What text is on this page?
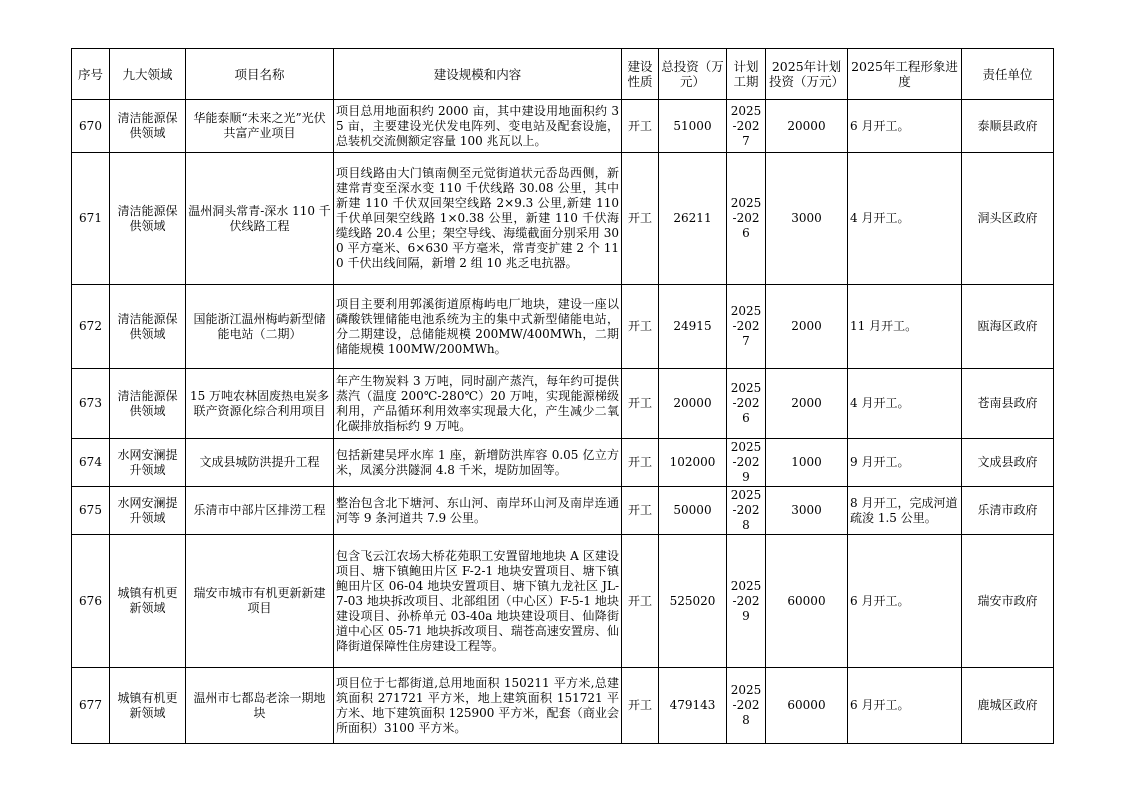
序号	九大领域	项目名称	建设规模和内容	建设性质	总投资（万元）	计划工期	2025年计划投资（万元）	2025年工程形象进度	责任单位
670	清洁能源保供领域	华能泰顺“未来之光”光伏共富产业项目	项目总用地面积约 2000 亩，其中建设用地面积约 35 亩，主要建设光伏发电阵列、变电站及配套设施，总装机交流侧额定容量 100 兆瓦以上。	开工	51000	2025-2027	20000	6 月开工。	泰顺县政府
671	清洁能源保供领域	温州洞头常青-深水 110 千伏线路工程	项目线路由大门镇南侧至元觉街道状元岙岛西侧，新建常青变至深水变 110 千伏线路 30.08 公里，其中新建 110 千伏双回架空线路 2×9.3 公里,新建 110 千伏单回架空线路 1×0.38 公里，新建 110 千伏海缆线路 20.4 公里；架空导线、海缆截面分别采用 300 平方毫米、6×630 平方毫米，常青变扩建 2 个 110 千伏出线间隔，新增 2 组 10 兆乏电抗器。	开工	26211	2025-2026	3000	4 月开工。	洞头区政府
672	清洁能源保供领域	国能浙江温州梅屿新型储能电站（二期）	项目主要利用郭溪街道原梅屿电厂地块，建设一座以磷酸铁锂储能电池系统为主的集中式新型储能电站，分二期建设，总储能规模 200MW/400MWh，二期储能规模 100MW/200MWh。	开工	24915	2025-2027	2000	11 月开工。	瓯海区政府
673	清洁能源保供领域	15 万吨农林固废热电炭多联产资源化综合利用项目	年产生物炭料 3 万吨，同时副产蒸汽，每年约可提供蒸汽（温度 200℃-280℃）20 万吨，实现能源梯级利用，产品循环利用效率实现最大化，产生减少二氧化碳排放指标约 9 万吨。	开工	20000	2025-2026	2000	4 月开工。	苍南县政府
674	水网安澜提升领域	文成县城防洪提升工程	包括新建吴坪水库 1 座，新增防洪库容 0.05 亿立方米，凤溪分洪隧洞 4.8 千米，堤防加固等。	开工	102000	2025-2029	1000	9 月开工。	文成县政府
675	水网安澜提升领域	乐清市中部片区排涝工程	整治包含北下塘河、东山河、南岸环山河及南岸连通河等 9 条河道共 7.9 公里。	开工	50000	2025-2028	3000	8 月开工，完成河道疏浚 1.5 公里。	乐清市政府
676	城镇有机更新领域	瑞安市城市有机更新新建项目	包含飞云江农场大桥花苑职工安置留地地块 A 区建设项目、塘下镇鲍田片区 F-2-1 地块安置项目、塘下镇鲍田片区 06-04 地块安置项目、塘下镇九龙社区 JL-7-03 地块拆改项目、北部组团（中心区）F-5-1 地块建设项目、孙桥单元 03-40a 地块建设项目、仙降街道中心区 05-71 地块拆改项目、瑞苍高速安置房、仙降街道保障性住房建设工程等。	开工	525020	2025-2029	60000	6 月开工。	瑞安市政府
677	城镇有机更新领域	温州市七都岛老涂一期地块	项目位于七都街道,总用地面积 150211 平方米,总建筑面积 271721 平方米，地上建筑面积 151721 平方米、地下建筑面积 125900 平方米，配套（商业会所面积）3100 平方米。	开工	479143	2025-2028	60000	6 月开工。	鹿城区政府
